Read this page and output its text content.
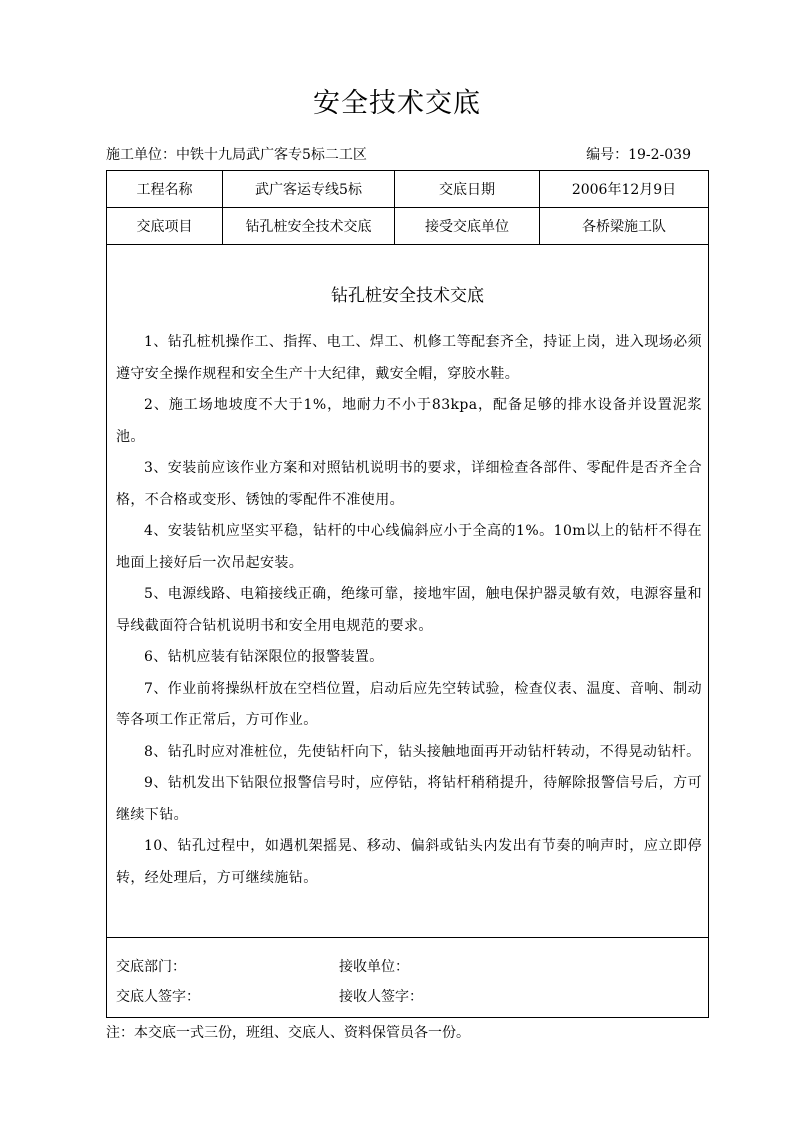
安全技术交底
施工单位：中铁十九局武广客专5标二工区	编号：19-2-039
工程名称	武广客运专线5标	交底日期	2006年12月9日
交底项目	钻孔桩安全技术交底	接受交底单位	各桥梁施工队
钻孔桩安全技术交底

1、钻孔桩机操作工、指挥、电工、焊工、机修工等配套齐全，持证上岗，进入现场必须遵守安全操作规程和安全生产十大纪律，戴安全帽，穿胶水鞋。

2、施工场地坡度不大于1%，地耐力不小于83kpa，配备足够的排水设备并设置泥浆池。

3、安装前应该作业方案和对照钻机说明书的要求，详细检查各部件、零配件是否齐全合格，不合格或变形、锈蚀的零配件不准使用。

4、安装钻机应坚实平稳，钻杆的中心线偏斜应小于全高的1%。10m以上的钻杆不得在地面上接好后一次吊起安装。

5、电源线路、电箱接线正确，绝缘可靠，接地牢固，触电保护器灵敏有效，电源容量和导线截面符合钻机说明书和安全用电规范的要求。

6、钻机应装有钻深限位的报警装置。

7、作业前将操纵杆放在空档位置，启动后应先空转试验，检查仪表、温度、音响、制动等各项工作正常后，方可作业。

8、钻孔时应对准桩位，先使钻杆向下，钻头接触地面再开动钻杆转动，不得晃动钻杆。

9、钻机发出下钻限位报警信号时，应停钻，将钻杆稍稍提升，待解除报警信号后，方可继续下钻。

10、钻孔过程中，如遇机架摇晃、移动、偏斜或钻头内发出有节奏的响声时，应立即停转，经处理后，方可继续施钻。

交底部门：	接收单位：
交底人签字：	接收人签字：
注：本交底一式三份，班组、交底人、资料保管员各一份。
